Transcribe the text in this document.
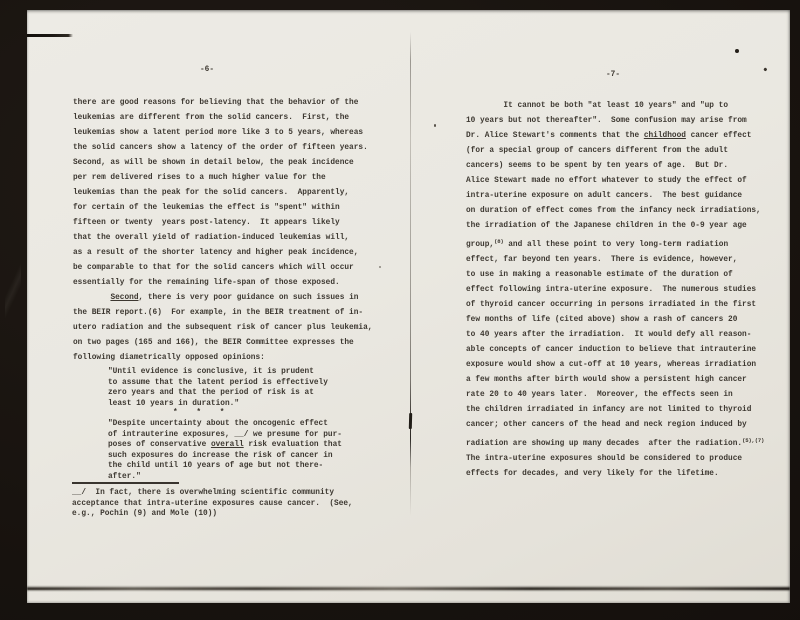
-6-
there are good reasons for believing that the behavior of the
leukemias are different from the solid cancers.  First, the
leukemias show a latent period more like 3 to 5 years, whereas
the solid cancers show a latency of the order of fifteen years.
Second, as will be shown in detail below, the peak incidence
per rem delivered rises to a much higher value for the
leukemias than the peak for the solid cancers.  Apparently,
for certain of the leukemias the effect is "spent" within
fifteen or twenty  years post-latency.  It appears likely
that the overall yield of radiation-induced leukemias will,
as a result of the shorter latency and higher peak incidence,
be comparable to that for the solid cancers which will occur
essentially for the remaining life-span of those exposed.
Second, there is very poor guidance on such issues in
the BEIR report.(6)  For example, in the BEIR treatment of in-
utero radiation and the subsequent risk of cancer plus leukemia,
on two pages (165 and 166), the BEIR Committee expresses the
following diametrically opposed opinions:
"Until evidence is conclusive, it is prudent
to assume that the latent period is effectively
zero years and that the period of risk is at
least 10 years in duration."
*    *    *
"Despite uncertainty about the oncogenic effect
of intrauterine exposures, __/ we presume for pur-
poses of conservative overall risk evaluation that
such exposures do increase the risk of cancer in
the child until 10 years of age but not there-
after."
__/  In fact, there is overwhelming scientific community
acceptance that intra-uterine exposures cause cancer.  (See,
e.g., Pochin (9) and Mole (10))
-7-
It cannot be both "at least 10 years" and "up to
10 years but not thereafter".  Some confusion may arise from
Dr. Alice Stewart's comments that the childhood cancer effect
(for a special group of cancers different from the adult
cancers) seems to be spent by ten years of age.  But Dr.
Alice Stewart made no effort whatever to study the effect of
intra-uterine exposure on adult cancers.  The best guidance
on duration of effect comes from the infancy neck irradiations,
the irradiation of the Japanese children in the 0-9 year age
group,$^{(8)}$ and all these point to very long-term radiation
effect, far beyond ten years.  There is evidence, however,
to use in making a reasonable estimate of the duration of
effect following intra-uterine exposure.  The numerous studies
of thyroid cancer occurring in persons irradiated in the first
few months of life (cited above) show a rash of cancers 20
to 40 years after the irradiation.  It would defy all reason-
able concepts of cancer induction to believe that intrauterine
exposure would show a cut-off at 10 years, whereas irradiation
a few months after birth would show a persistent high cancer
rate 20 to 40 years later.  Moreover, the effects seen in
the children irradiated in infancy are not limited to thyroid
cancer; other cancers of the head and neck region induced by
radiation are showing up many decades  after the radiation.$^{(5),(7)}$
The intra-uterine exposures should be considered to produce
effects for decades, and very likely for the lifetime.
